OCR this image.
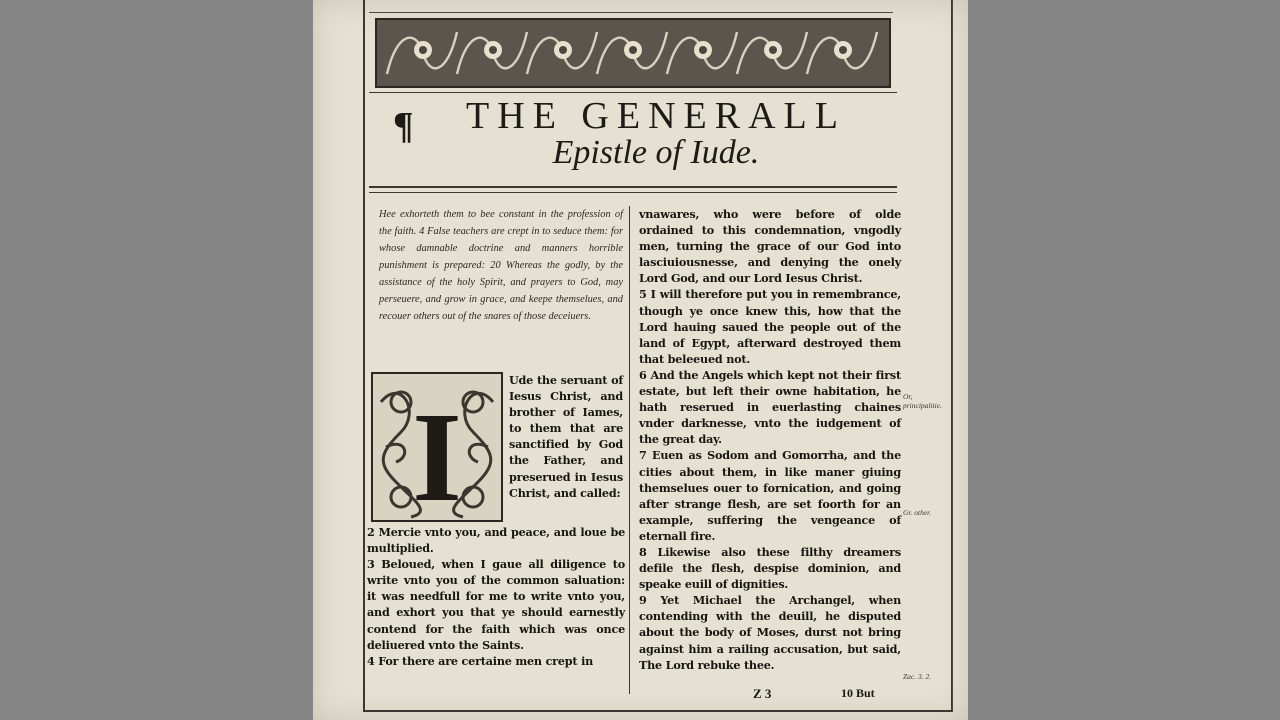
¶	THE GENERALL
Epistle of Iude.

Hee exhorteth them to bee constant in the profession of the faith. 4 False teachers are crept in to seduce them: for whose damnable doctrine and manners horrible punishment is prepared: 20 Whereas the godly, by the assistance of the holy Spirit, and prayers to God, may perseuere, and grow in grace, and keepe themselues, and recouer others out of the snares of those deceiuers.

I

Ude the seruant of Iesus Christ, and brother of Iames, to them that are sanctified by God the Father, and preserued in Iesus Christ, and called:

2 Mercie vnto you, and peace, and loue be multiplied.

3 Beloued, when I gaue all diligence to write vnto you of the common saluation: it was needfull for me to write vnto you, and exhort you that ye should earnestly contend for the faith which was once deliuered vnto the Saints.

4 For there are certaine men crept in

vnawares, who were before of olde ordained to this condemnation, vngodly men, turning the grace of our God into lasciuiousnesse, and denying the onely Lord God, and our Lord Iesus Christ.

5 I will therefore put you in remembrance, though ye once knew this, how that the Lord hauing saued the people out of the land of Egypt, afterward destroyed them that beleeued not.

6 And the Angels which kept not their first estate, but left their owne habitation, he hath reserued in euerlasting chaines vnder darknesse, vnto the iudgement of the great day.

7 Euen as Sodom and Gomorrha, and the cities about them, in like maner giuing themselues ouer to fornication, and going after strange flesh, are set foorth for an example, suffering the vengeance of eternall fire.

8 Likewise also these filthy dreamers defile the flesh, despise dominion, and speake euill of dignities.

9 Yet Michael the Archangel, when contending with the deuill, he disputed about the body of Moses, durst not bring against him a railing accusation, but said, The Lord rebuke thee.

Or, principalitie.
Gr. other.
Zac. 3. 2.
Z 3	10 But
